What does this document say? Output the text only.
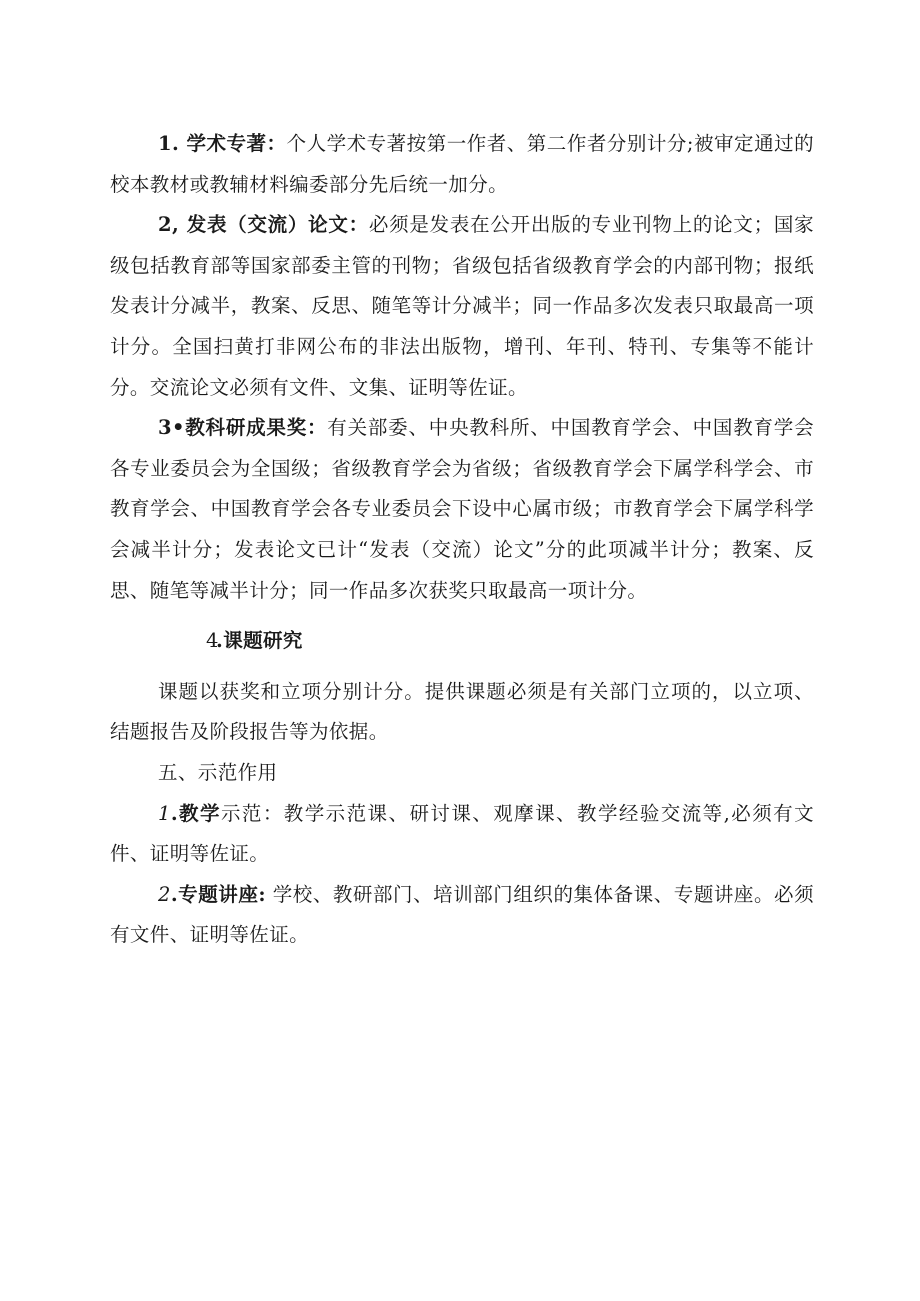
1. 学术专著：个人学术专著按第一作者、第二作者分别计分;被审定通过的校本教材或教辅材料编委部分先后统一加分。

2, 发表（交流）论文：必须是发表在公开出版的专业刊物上的论文；国家级包括教育部等国家部委主管的刊物；省级包括省级教育学会的内部刊物；报纸发表计分减半，教案、反思、随笔等计分减半；同一作品多次发表只取最高一项计分。全国扫黄打非网公布的非法出版物，增刊、年刊、特刊、专集等不能计分。交流论文必须有文件、文集、证明等佐证。

3•教科研成果奖：有关部委、中央教科所、中国教育学会、中国教育学会各专业委员会为全国级；省级教育学会为省级；省级教育学会下属学科学会、市教育学会、中国教育学会各专业委员会下设中心属市级；市教育学会下属学科学会减半计分；发表论文已计“发表（交流）论文”分的此项减半计分；教案、反思、随笔等减半计分；同一作品多次获奖只取最高一项计分。

4.课题研究

课题以获奖和立项分别计分。提供课题必须是有关部门立项的，以立项、结题报告及阶段报告等为依据。

五、示范作用

1.教学示范：教学示范课、研讨课、观摩课、教学经验交流等,必须有文件、证明等佐证。

2.专题讲座: 学校、教研部门、培训部门组织的集体备课、专题讲座。必须有文件、证明等佐证。
